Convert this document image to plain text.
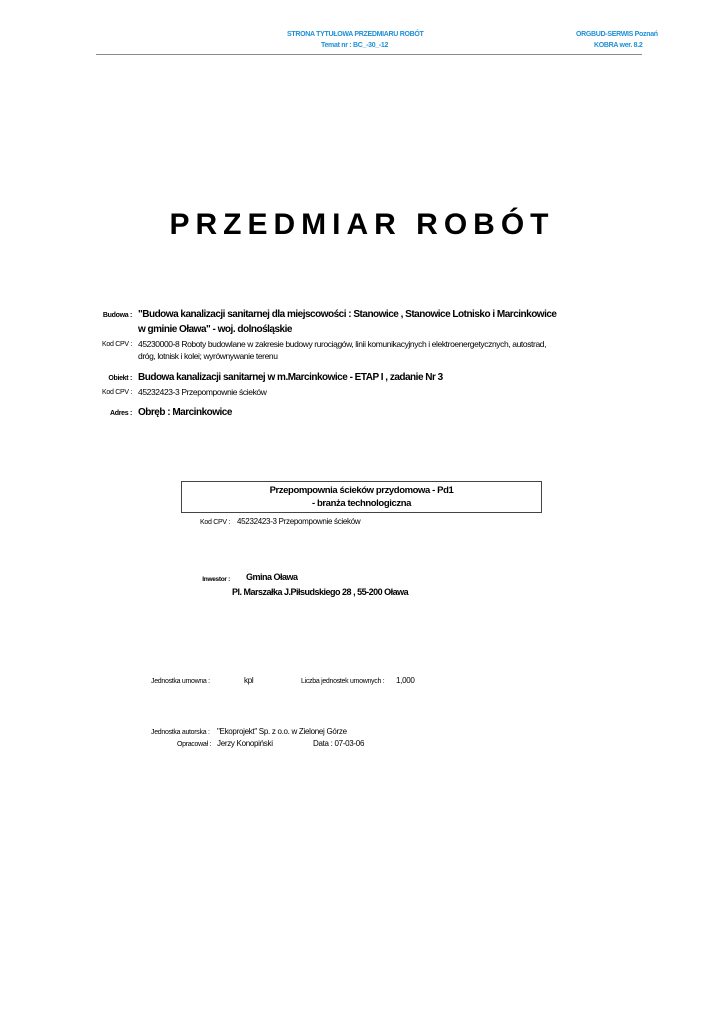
STRONA TYTUŁOWA PRZEDMIARU ROBÓT
Temat nr : BC_-30_-12
ORGBUD-SERWIS Poznań
KOBRA wer. 8.2
PRZEDMIAR ROBÓT
Budowa : "Budowa kanalizacji sanitarnej dla miejscowości : Stanowice , Stanowice Lotnisko i Marcinkowice
w gminie Oława" - woj. dolnośląskie
Kod CPV : 45230000-8 Roboty budowlane w zakresie budowy rurociągów, linii komunikacyjnych i elektroenergetycznych, autostrad,
dróg, lotnisk i kolei; wyrównywanie terenu
Obiekt : Budowa kanalizacji sanitarnej w m.Marcinkowice - ETAP I , zadanie Nr 3
Kod CPV : 45232423-3 Przepompownie ścieków
Adres : Obręb : Marcinkowice
Przepompownia ścieków przydomowa - Pd1
- branża technologiczna
Kod CPV : 45232423-3 Przepompownie ścieków
Inwestor : Gmina Oława
Pl. Marszałka J.Piłsudskiego 28 , 55-200 Oława
Jednostka umowna :	kpl	Liczba jednostek umownych : 1,000
Jednostka autorska : "Ekoprojekt" Sp. z o.o. w Zielonej Górze
Opracował : Jerzy Konopiński	Data : 07-03-06
